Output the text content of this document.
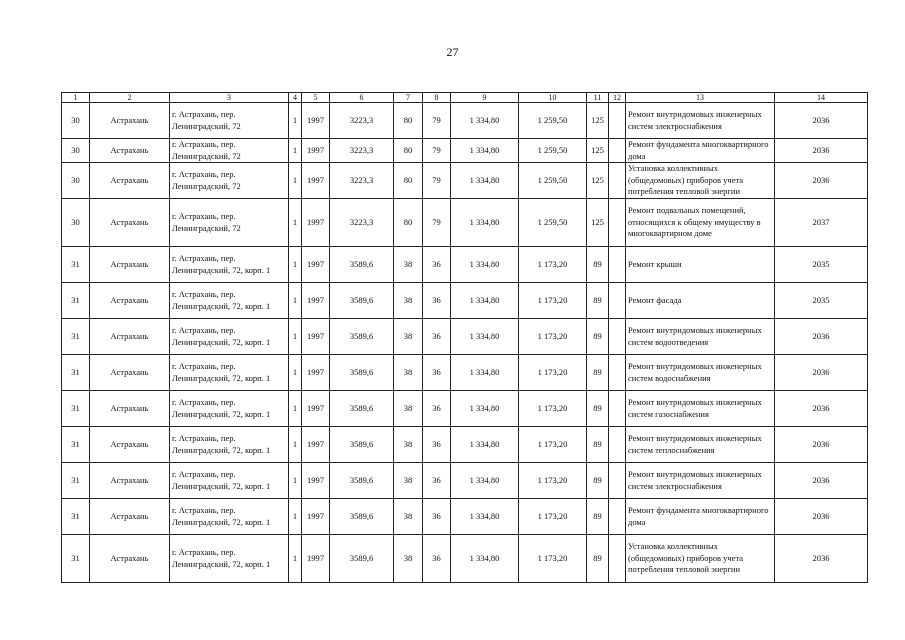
27
1	2	3	4	5	6	7	8	9	10	11	12	13	14
30	Астрахань	г. Астрахань, пер. Ленинградский, 72	1	1997	3223,3	80	79	1 334,80	1 259,50	125		Ремонт внутридомовых инженерных систем электроснабжения	2036
30	Астрахань	г. Астрахань, пер. Ленинградский, 72	1	1997	3223,3	80	79	1 334,80	1 259,50	125		Ремонт фундамента многоквартирного дома	2036
30	Астрахань	г. Астрахань, пер. Ленинградский, 72	1	1997	3223,3	80	79	1 334,80	1 259,50	125		Установка коллективных (общедомовых) приборов учета потребления тепловой энергии	2036
30	Астрахань	г. Астрахань, пер. Ленинградский, 72	1	1997	3223,3	80	79	1 334,80	1 259,50	125		Ремонт подвальных помещений, относящихся к общему имуществу в многоквартирном доме	2037
31	Астрахань	г. Астрахань, пер. Ленинградский, 72, корп. 1	1	1997	3589,6	38	36	1 334,80	1 173,20	89		Ремонт крыши	2035
31	Астрахань	г. Астрахань, пер. Ленинградский, 72, корп. 1	1	1997	3589,6	38	36	1 334,80	1 173,20	89		Ремонт фасада	2035
31	Астрахань	г. Астрахань, пер. Ленинградский, 72, корп. 1	1	1997	3589,6	38	36	1 334,80	1 173,20	89		Ремонт внутридомовых инженерных систем водоотведения	2036
31	Астрахань	г. Астрахань, пер. Ленинградский, 72, корп. 1	1	1997	3589,6	38	36	1 334,80	1 173,20	89		Ремонт внутридомовых инженерных систем водоснабжения	2036
31	Астрахань	г. Астрахань, пер. Ленинградский, 72, корп. 1	1	1997	3589,6	38	36	1 334,80	1 173,20	89		Ремонт внутридомовых инженерных систем газоснабжения	2036
31	Астрахань	г. Астрахань, пер. Ленинградский, 72, корп. 1	1	1997	3589,6	38	36	1 334,80	1 173,20	89		Ремонт внутридомовых инженерных систем теплоснабжения	2036
31	Астрахань	г. Астрахань, пер. Ленинградский, 72, корп. 1	1	1997	3589,6	38	36	1 334,80	1 173,20	89		Ремонт внутридомовых инженерных систем электроснабжения	2036
31	Астрахань	г. Астрахань, пер. Ленинградский, 72, корп. 1	1	1997	3589,6	38	36	1 334,80	1 173,20	89		Ремонт фундамента многоквартирного дома	2036
31	Астрахань	г. Астрахань, пер. Ленинградский, 72, корп. 1	1	1997	3589,6	38	36	1 334,80	1 173,20	89		Установка коллективных (общедомовых) приборов учета потребления тепловой энергии	2036
